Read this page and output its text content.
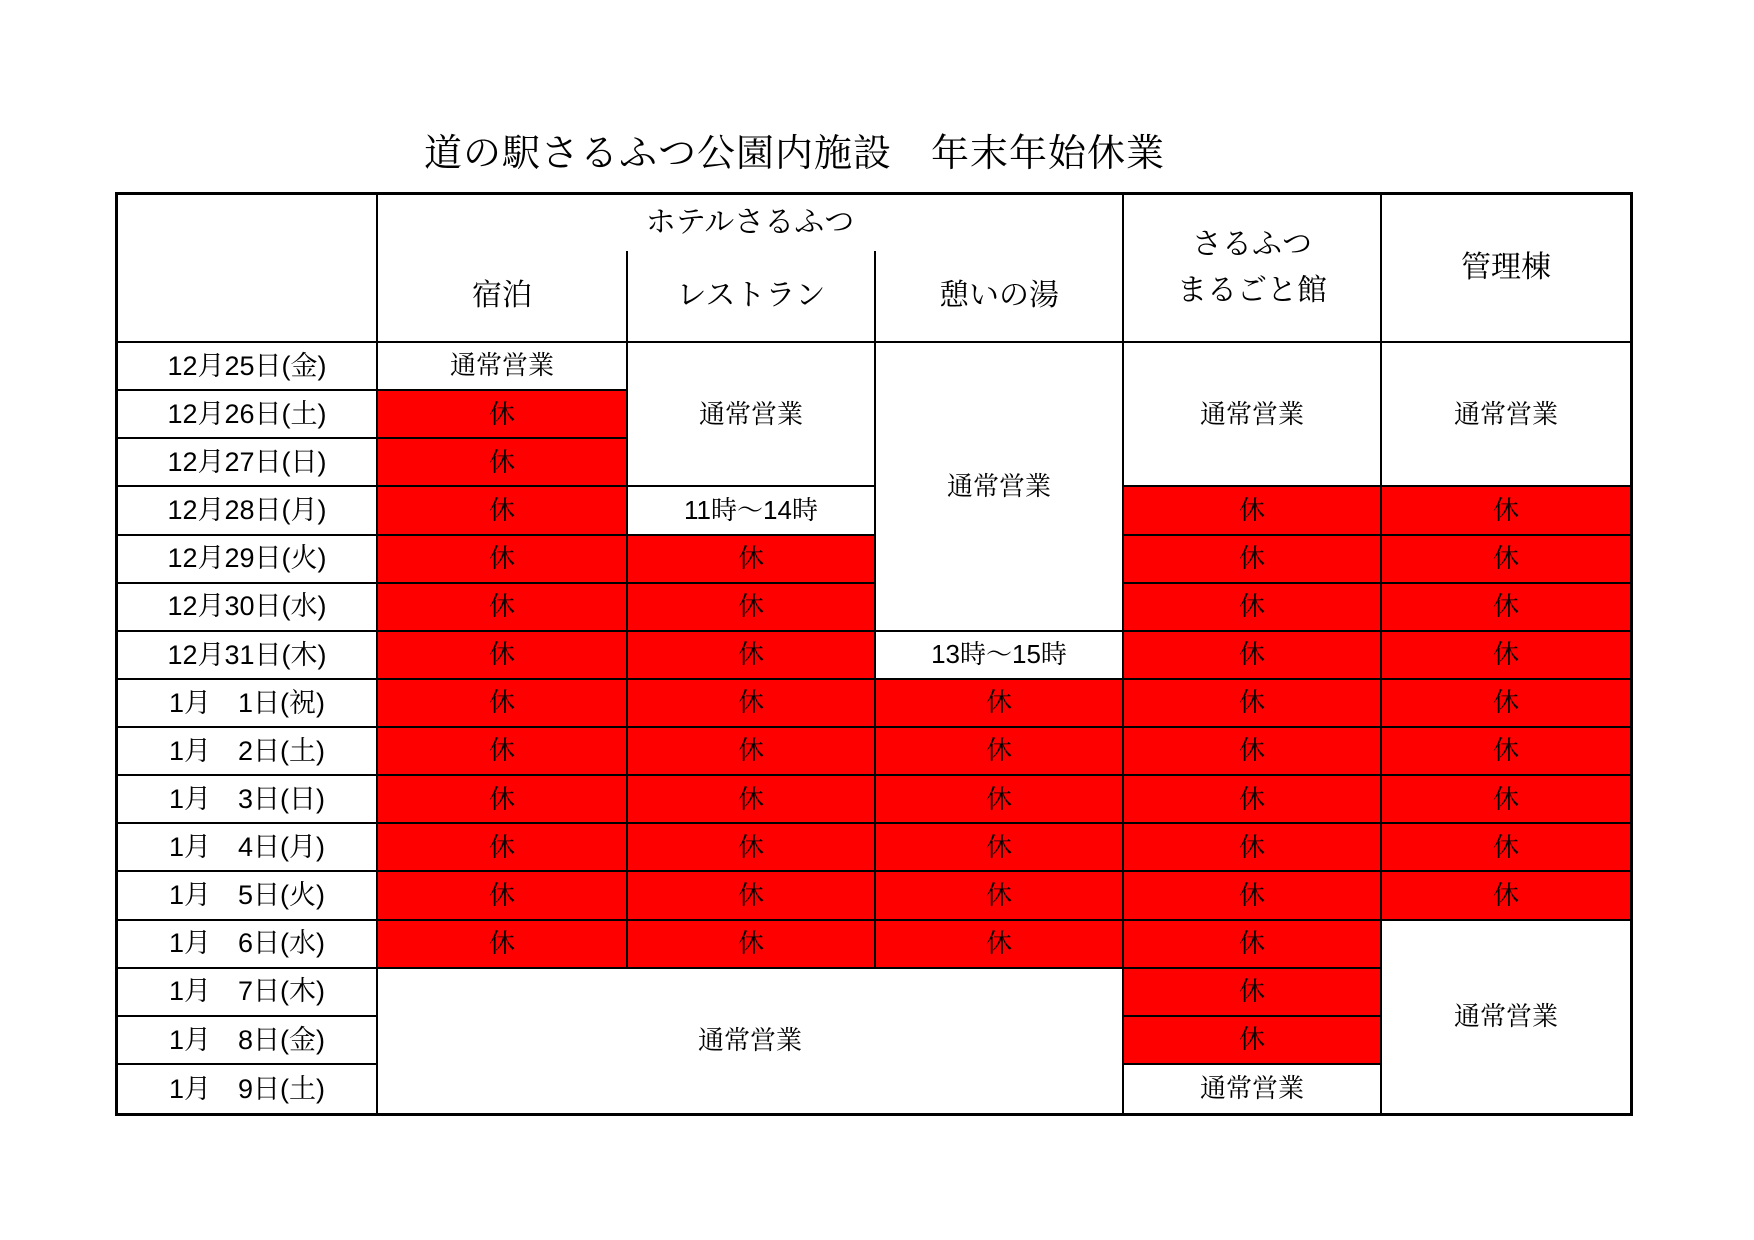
道の駅さるふつ公園内施設　年末年始休業
ホテルさるふつ
宿泊	レストラン	憩いの湯
さるふつ
まるごと館
管理棟
12月25日(金)
12月26日(土)
12月27日(日)
12月28日(月)
12月29日(火)
12月30日(水)
12月31日(木)
1月　1日(祝)
1月　2日(土)
1月　3日(日)
1月　4日(月)
1月　5日(火)
1月　6日(水)
1月　7日(木)
1月　8日(金)
1月　9日(土)
通常営業
休
休
休
休
休
休
休
休
休
休
休
休
通常営業
通常営業
11時〜14時
休
休
休
休
休
休
休
休
休
通常営業
13時〜15時
休
休
休
休
休
休
通常営業
休
休
休
休
休
休
休
休
休
休
休
休
通常営業
通常営業
休
休
休
休
休
休
休
休
休
通常営業
